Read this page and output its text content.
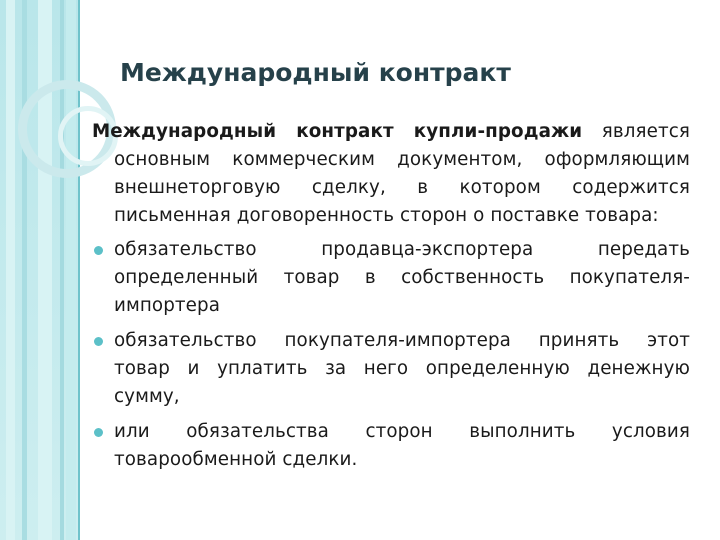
Международный контракт
Международный контракт купли-продажи является
основным коммерческим документом, оформляющим
внешнеторговую сделку, в котором содержится
письменная договоренность сторон о поставке товара:
обязательство продавца-экспортера передать
определенный товар в собственность покупателя-
импортера
обязательство покупателя-импортера принять этот
товар и уплатить за него определенную денежную
сумму,
или обязательства сторон выполнить условия
товарообменной сделки.
